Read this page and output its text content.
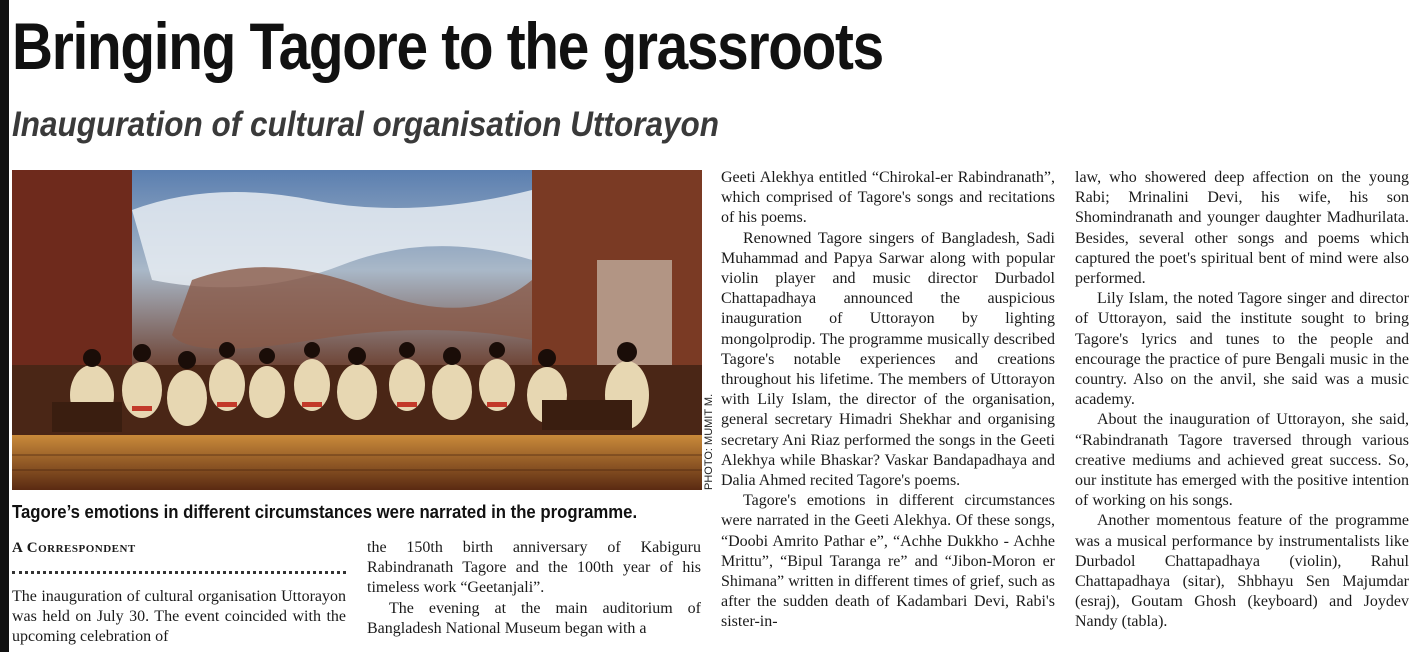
Bringing Tagore to the grassroots
Inauguration of cultural organisation Uttorayon
PHOTO: MUMIT M.
Tagore’s emotions in different circumstances were narrated in the programme.
A Correspondent

The inauguration of cultural organisation Uttorayon was held on July 30. The event coincided with the upcoming celebration of

the 150th birth anniversary of Kabiguru Rabindranath Tagore and the 100th year of his timeless work “Geetanjali”.

The evening at the main auditorium of Bangladesh National Museum began with a

Geeti Alekhya entitled “Chirokal-er Rabindranath”, which comprised of Tagore's songs and recitations of his poems.

Renowned Tagore singers of Bangladesh, Sadi Muhammad and Papya Sarwar along with popular violin player and music director Durbadol Chattapadhaya announced the auspicious inauguration of Uttorayon by lighting mongolprodip. The programme musically described Tagore's notable experiences and creations throughout his lifetime. The members of Uttorayon with Lily Islam, the director of the organisation, general secretary Himadri Shekhar and organising secretary Ani Riaz performed the songs in the Geeti Alekhya while Bhaskar? Vaskar Bandapadhaya and Dalia Ahmed recited Tagore's poems.

Tagore's emotions in different circumstances were narrated in the Geeti Alekhya. Of these songs, “Doobi Amrito Pathar e”, “Achhe Dukkho - Achhe Mrittu”, “Bipul Taranga re” and “Jibon-Moron er Shimana” written in different times of grief, such as after the sudden death of Kadambari Devi, Rabi's sister-in-

law, who showered deep affection on the young Rabi; Mrinalini Devi, his wife, his son Shomindranath and younger daughter Madhurilata. Besides, several other songs and poems which captured the poet's spiritual bent of mind were also performed.

Lily Islam, the noted Tagore singer and director of Uttorayon, said the institute sought to bring Tagore's lyrics and tunes to the people and encourage the practice of pure Bengali music in the country. Also on the anvil, she said was a music academy.

About the inauguration of Uttorayon, she said, “Rabindranath Tagore traversed through various creative mediums and achieved great success. So, our institute has emerged with the positive intention of working on his songs.

Another momentous feature of the programme was a musical performance by instrumentalists like Durbadol Chattapadhaya (violin), Rahul Chattapadhaya (sitar), Shbhayu Sen Majumdar (esraj), Goutam Ghosh (keyboard) and Joydev Nandy (tabla).
